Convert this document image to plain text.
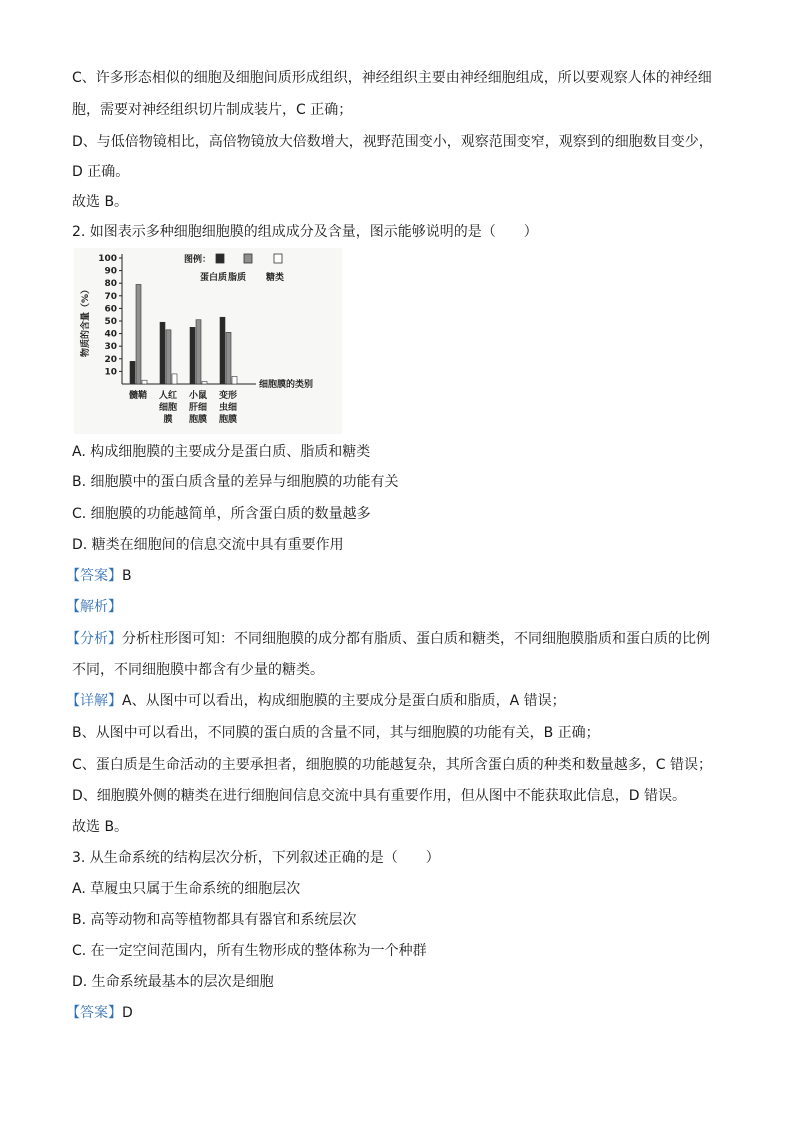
C、许多形态相似的细胞及细胞间质形成组织，神经组织主要由神经细胞组成，所以要观察人体的神经细
胞，需要对神经组织切片制成装片，C 正确；
D、与低倍物镜相比，高倍物镜放大倍数增大，视野范围变小，观察范围变窄，观察到的细胞数目变少，
D 正确。
故选 B。
2. 如图表示多种细胞细胞膜的组成成分及含量，图示能够说明的是（　　）
物质的含量（%）
10
20
30
40
50
60
70
80
90
100
细胞膜的类别
髓鞘 人红
细胞
膜
小鼠
肝细
胞膜
变形
虫细
胞膜
图例：
蛋白质 脂质 糖类
A. 构成细胞膜的主要成分是蛋白质、脂质和糖类
B. 细胞膜中的蛋白质含量的差异与细胞膜的功能有关
C. 细胞膜的功能越简单，所含蛋白质的数量越多
D. 糖类在细胞间的信息交流中具有重要作用
【答案】B
【解析】
【分析】分析柱形图可知：不同细胞膜的成分都有脂质、蛋白质和糖类，不同细胞膜脂质和蛋白质的比例
不同，不同细胞膜中都含有少量的糖类。
【详解】A、从图中可以看出，构成细胞膜的主要成分是蛋白质和脂质，A 错误；
B、从图中可以看出，不同膜的蛋白质的含量不同，其与细胞膜的功能有关，B 正确；
C、蛋白质是生命活动的主要承担者，细胞膜的功能越复杂，其所含蛋白质的种类和数量越多，C 错误；
D、细胞膜外侧的糖类在进行细胞间信息交流中具有重要作用，但从图中不能获取此信息，D 错误。
故选 B。
3. 从生命系统的结构层次分析，下列叙述正确的是（　　）
A. 草履虫只属于生命系统的细胞层次
B. 高等动物和高等植物都具有器官和系统层次
C. 在一定空间范围内，所有生物形成的整体称为一个种群
D. 生命系统最基本的层次是细胞
【答案】D
